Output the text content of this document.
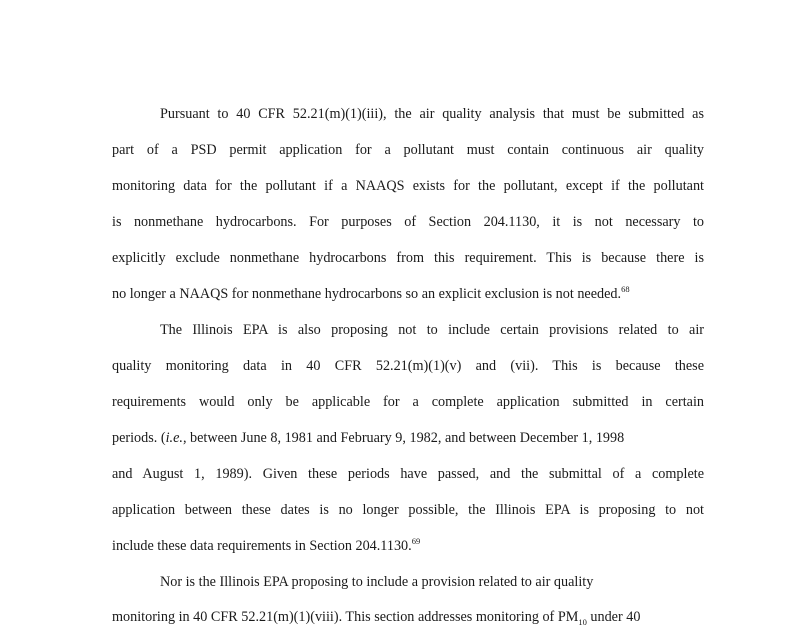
Pursuant to 40 CFR 52.21(m)(1)(iii), the air quality analysis that must be submitted as
part of a PSD permit application for a pollutant must contain continuous air quality
monitoring data for the pollutant if a NAAQS exists for the pollutant, except if the pollutant
is nonmethane hydrocarbons. For purposes of Section 204.1130, it is not necessary to
explicitly exclude nonmethane hydrocarbons from this requirement. This is because there is
no longer a NAAQS for nonmethane hydrocarbons so an explicit exclusion is not needed.$^{68}$
The Illinois EPA is also proposing not to include certain provisions related to air
quality monitoring data in 40 CFR 52.21(m)(1)(v) and (vii). This is because these
requirements would only be applicable for a complete application submitted in certain
periods. (i.e., between June 8, 1981 and February 9, 1982, and between December 1, 1998
and August 1, 1989). Given these periods have passed, and the submittal of a complete
application between these dates is no longer possible, the Illinois EPA is proposing to not
include these data requirements in Section 204.1130.69
Nor is the Illinois EPA proposing to include a provision related to air quality
monitoring in 40 CFR 52.21(m)(1)(viii). This section addresses monitoring of $PM_{10}$ under 40
